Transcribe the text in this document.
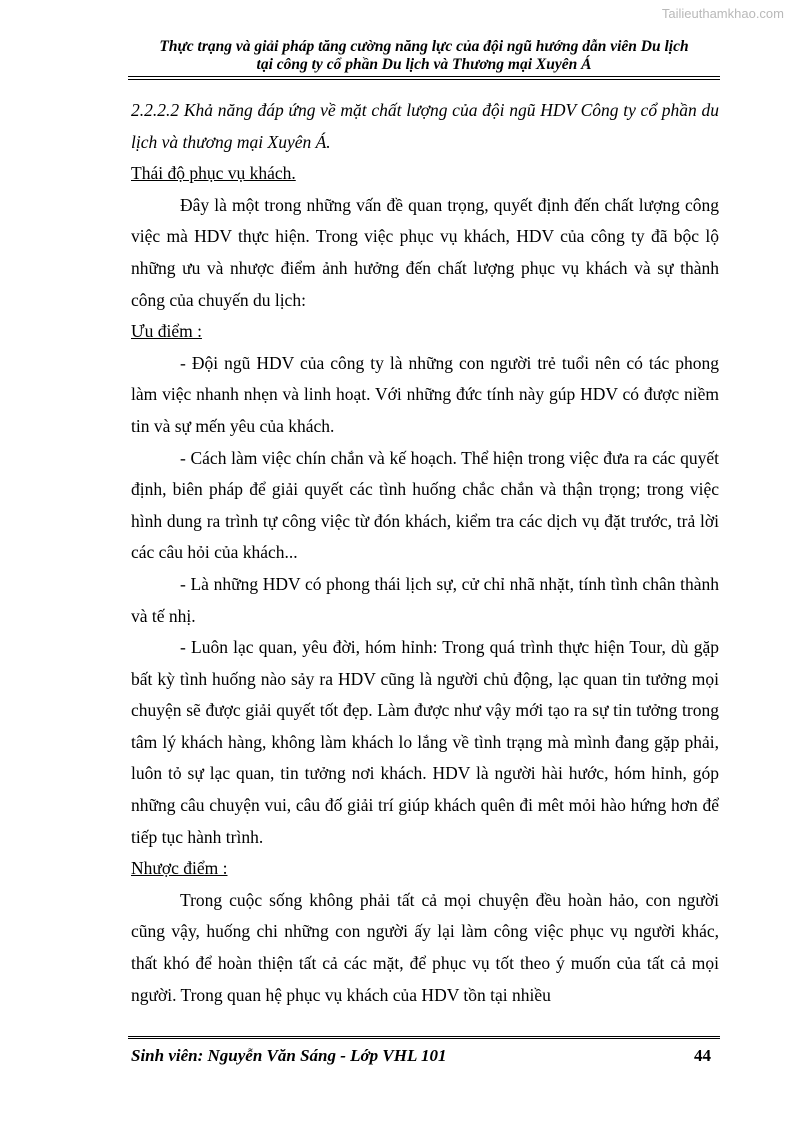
Tailieuthamkhao.com
Thực trạng và giải pháp tăng cường năng lực của đội ngũ hướng dẫn viên Du lịch
tại công ty cổ phần Du lịch và Thương mại Xuyên Á

2.2.2.2 Khả năng đáp ứng về mặt chất lượng của đội ngũ HDV Công ty cổ phần du lịch và thương mại Xuyên Á.

Thái độ phục vụ khách.

Đây là một trong những vấn đề quan trọng, quyết định đến chất lượng công việc mà HDV thực hiện. Trong việc phục vụ khách, HDV của công ty đã bộc lộ những ưu và nhược điểm ảnh hưởng đến chất lượng phục vụ khách và sự thành công của chuyến du lịch:

Ưu điểm :

- Đội ngũ HDV của công ty là những con người trẻ tuổi nên có tác phong làm việc nhanh nhẹn và linh hoạt. Với những đức tính này gúp HDV có được niềm tin và sự mến yêu của khách.

- Cách làm việc chín chắn và kế hoạch. Thể hiện trong việc đưa ra các quyết định, biên pháp để giải quyết các tình huống chắc chắn và thận trọng; trong việc hình dung ra trình tự công việc từ đón khách, kiểm tra các dịch vụ đặt trước, trả lời các câu hỏi của khách...

- Là những HDV có phong thái lịch sự, cử chỉ nhã nhặt, tính tình chân thành và tế nhị.

- Luôn lạc quan, yêu đời, hóm hỉnh: Trong quá trình thực hiện Tour, dù gặp bất kỳ tình huống nào sảy ra HDV cũng là người chủ động, lạc quan tin tưởng mọi chuyện sẽ được giải quyết tốt đẹp. Làm được như vậy mới tạo ra sự tin tưởng trong tâm lý khách hàng, không làm khách lo lắng về tình trạng mà mình đang gặp phải, luôn tỏ sự lạc quan, tin tưởng nơi khách. HDV là người hài hước, hóm hỉnh, góp những câu chuyện vui, câu đố giải trí giúp khách quên đi mêt mỏi hào hứng hơn để tiếp tục hành trình.

Nhược điểm :

Trong cuộc sống không phải tất cả mọi chuyện đều hoàn hảo, con người cũng vậy, huống chi những con người ấy lại làm công việc phục vụ người khác, thất khó để hoàn thiện tất cả các mặt, để phục vụ tốt theo ý muốn của tất cả mọi người. Trong quan hệ phục vụ khách của HDV tồn tại nhiều

Sinh viên: Nguyễn Văn Sáng - Lớp VHL 101	44
